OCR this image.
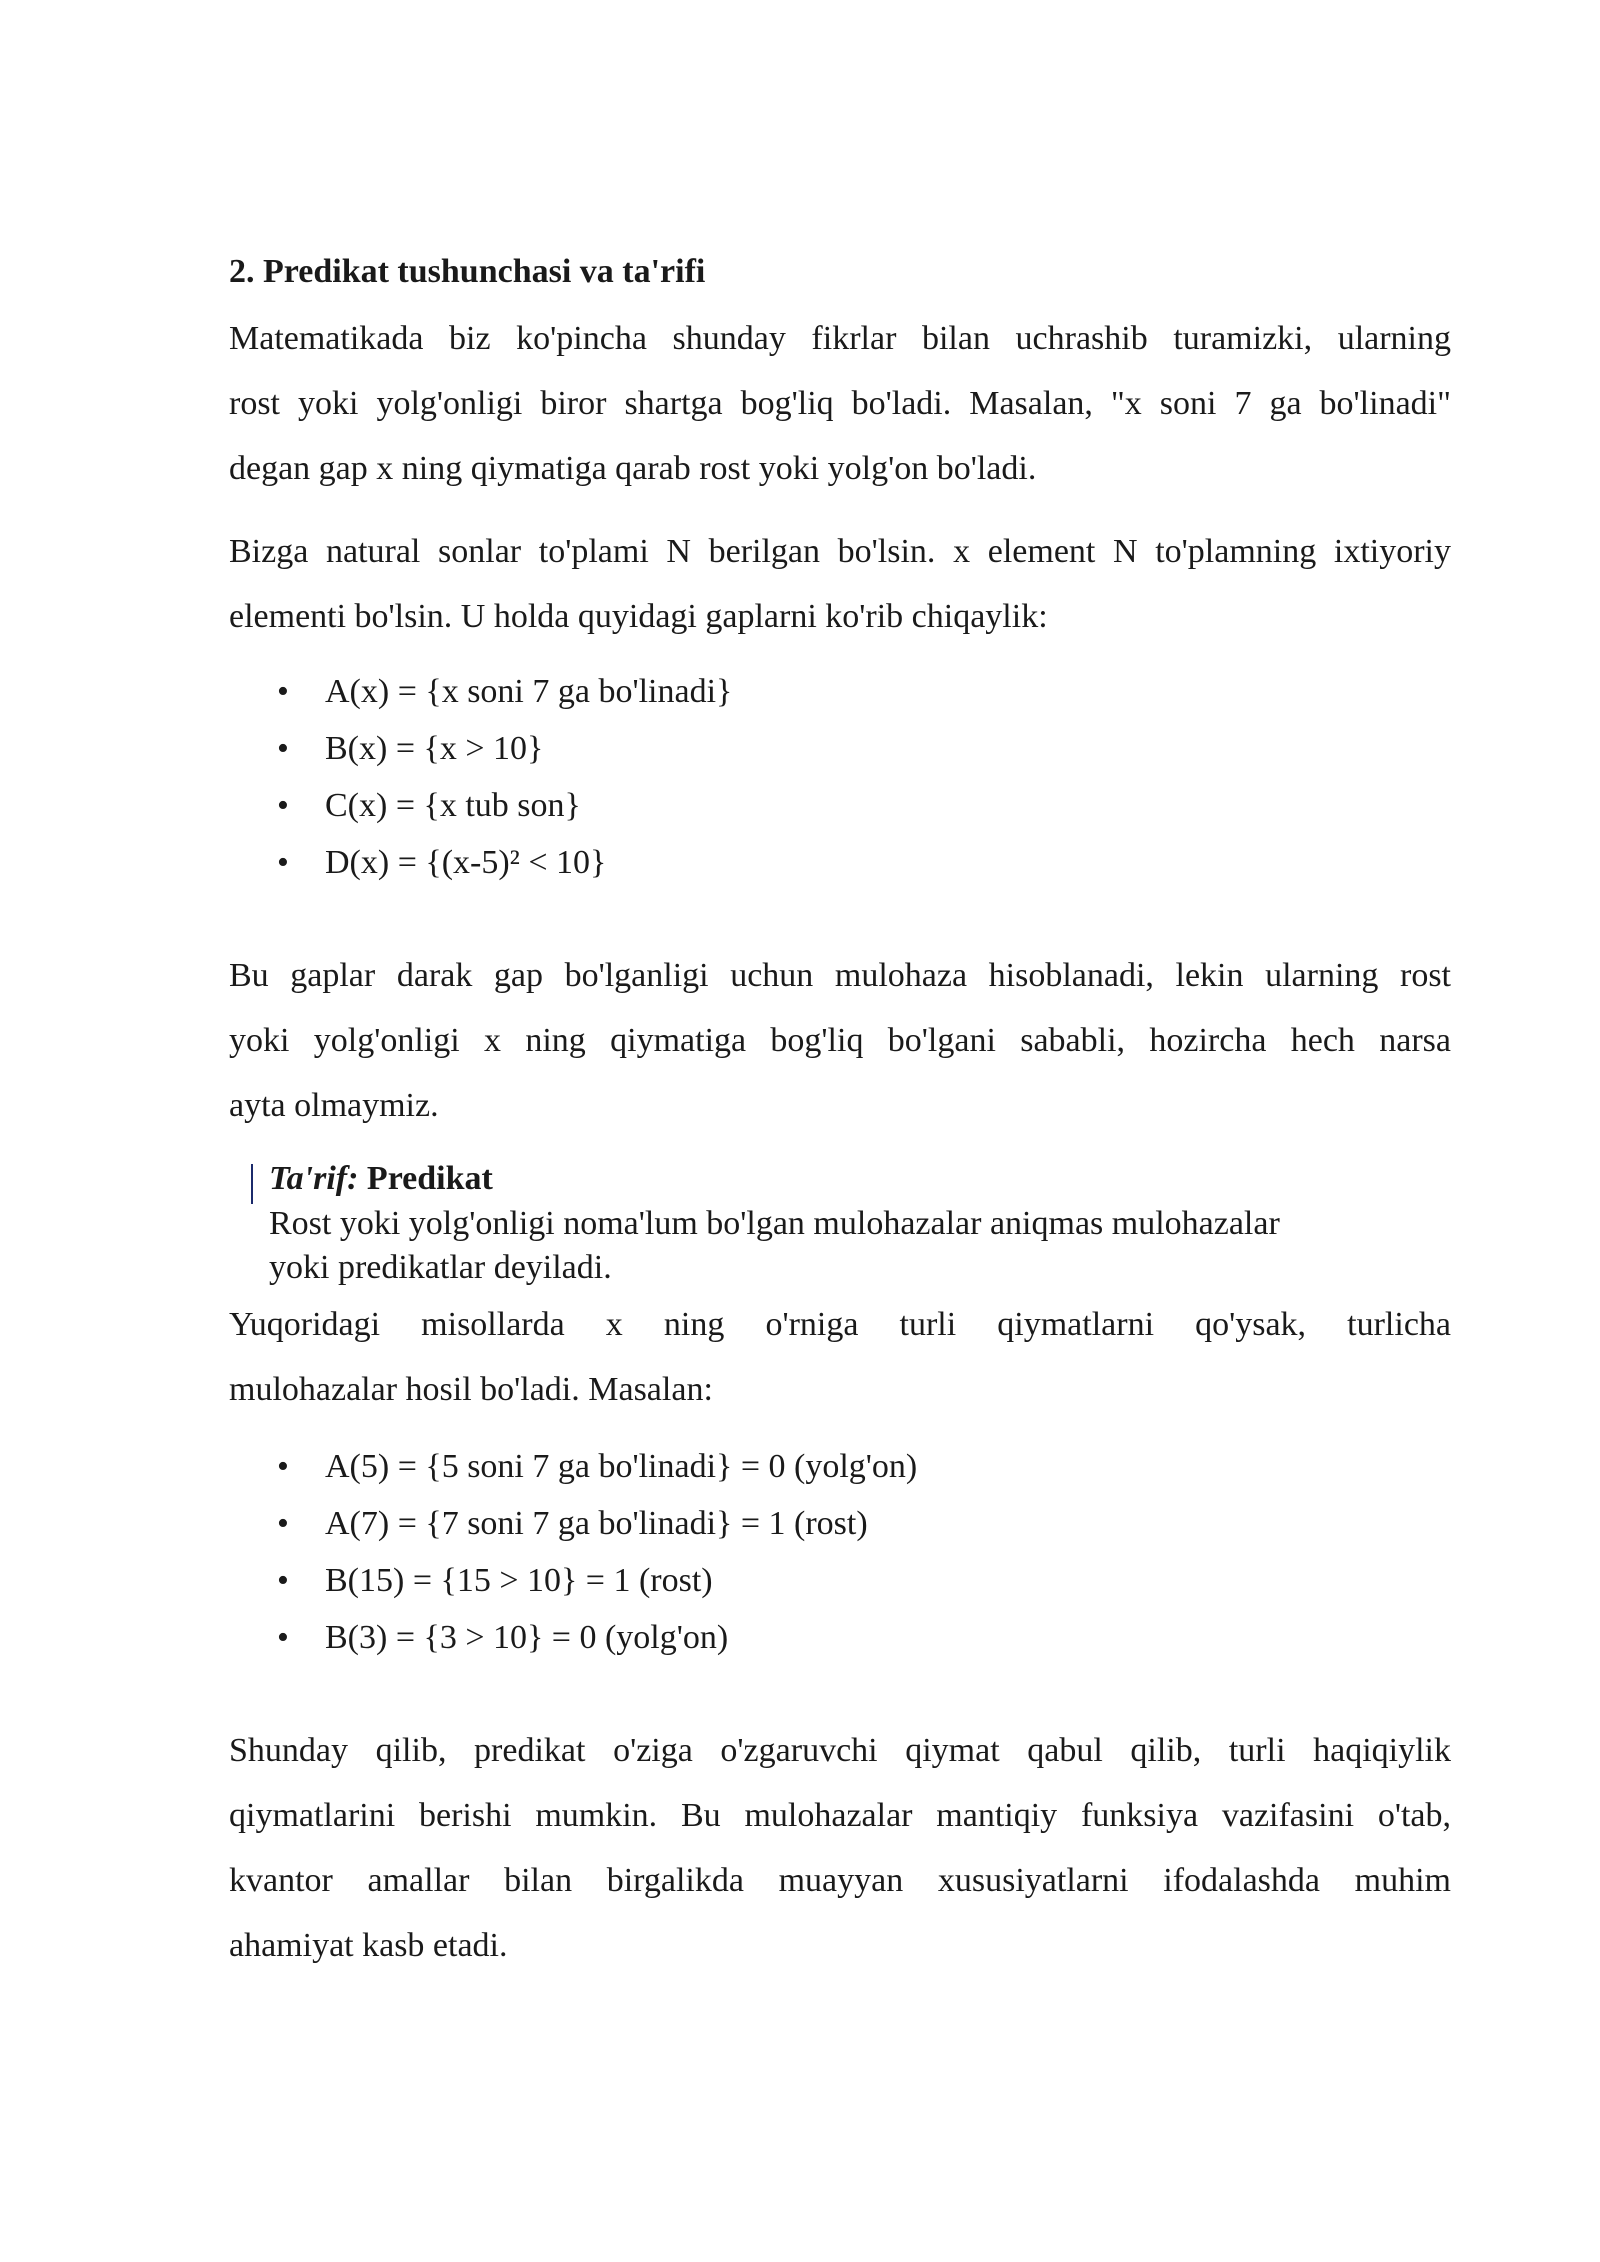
2. Predikat tushunchasi va ta'rifi
Matematikada biz ko'pincha shunday fikrlar bilan uchrashib turamizki, ularning
rost yoki yolg'onligi biror shartga bog'liq bo'ladi. Masalan, "x soni 7 ga bo'linadi"
degan gap x ning qiymatiga qarab rost yoki yolg'on bo'ladi.
Bizga natural sonlar to'plami N berilgan bo'lsin. x element N to'plamning ixtiyoriy
elementi bo'lsin. U holda quyidagi gaplarni ko'rib chiqaylik:
•	A(x) = {x soni 7 ga bo'linadi}
•	B(x) = {x > 10}
•	C(x) = {x tub son}
•	D(x) = {(x-5)² < 10}
Bu gaplar darak gap bo'lganligi uchun mulohaza hisoblanadi, lekin ularning rost
yoki yolg'onligi x ning qiymatiga bog'liq bo'lgani sababli, hozircha hech narsa
ayta olmaymiz.
Ta'rif: Predikat

Rost yoki yolg'onligi noma'lum bo'lgan mulohazalar aniqmas mulohazalar

yoki predikatlar deyiladi.

Yuqoridagi misollarda x ning o'rniga turli qiymatlarni qo'ysak, turlicha
mulohazalar hosil bo'ladi. Masalan:
•	A(5) = {5 soni 7 ga bo'linadi} = 0 (yolg'on)
•	A(7) = {7 soni 7 ga bo'linadi} = 1 (rost)
•	B(15) = {15 > 10} = 1 (rost)
•	B(3) = {3 > 10} = 0 (yolg'on)
Shunday qilib, predikat o'ziga o'zgaruvchi qiymat qabul qilib, turli haqiqiylik
qiymatlarini berishi mumkin. Bu mulohazalar mantiqiy funksiya vazifasini o'tab,
kvantor amallar bilan birgalikda muayyan xususiyatlarni ifodalashda muhim
ahamiyat kasb etadi.
